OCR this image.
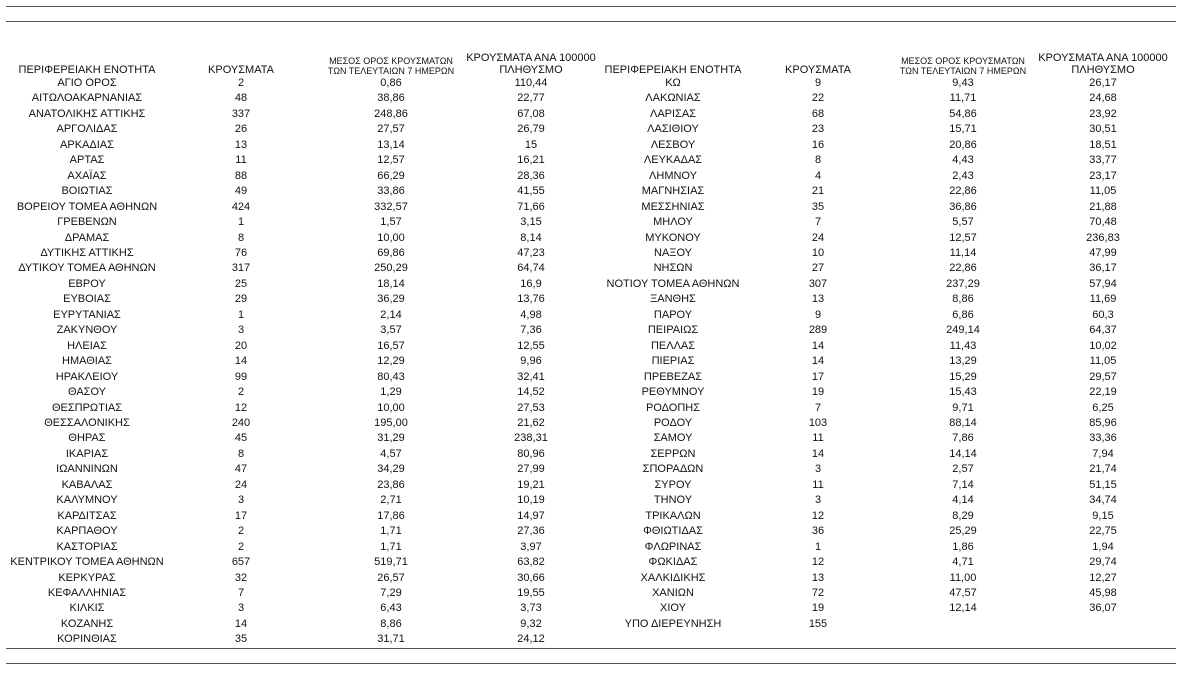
ΠΕΡΙΦΕΡΕΙΑΚΗ ΕΝΟΤΗΤΑ	ΚΡΟΥΣΜΑΤΑ	ΜΕΣΟΣ ΟΡΟΣ ΚΡΟΥΣΜΑΤΩΝ
ΤΩΝ ΤΕΛΕΥΤΑΙΩΝ 7 ΗΜΕΡΩΝ	ΚΡΟΥΣΜΑΤΑ ΑΝΑ 100000
ΠΛΗΘΥΣΜΟ
ΑΓΙΟ ΟΡΟΣ	2	0,86	110,44
ΑΙΤΩΛΟΑΚΑΡΝΑΝΙΑΣ	48	38,86	22,77
ΑΝΑΤΟΛΙΚΗΣ ΑΤΤΙΚΗΣ	337	248,86	67,08
ΑΡΓΟΛΙΔΑΣ	26	27,57	26,79
ΑΡΚΑΔΙΑΣ	13	13,14	15
ΑΡΤΑΣ	11	12,57	16,21
ΑΧΑΪΑΣ	88	66,29	28,36
ΒΟΙΩΤΙΑΣ	49	33,86	41,55
ΒΟΡΕΙΟΥ ΤΟΜΕΑ ΑΘΗΝΩΝ	424	332,57	71,66
ΓΡΕΒΕΝΩΝ	1	1,57	3,15
ΔΡΑΜΑΣ	8	10,00	8,14
ΔΥΤΙΚΗΣ ΑΤΤΙΚΗΣ	76	69,86	47,23
ΔΥΤΙΚΟΥ ΤΟΜΕΑ ΑΘΗΝΩΝ	317	250,29	64,74
ΕΒΡΟΥ	25	18,14	16,9
ΕΥΒΟΙΑΣ	29	36,29	13,76
ΕΥΡΥΤΑΝΙΑΣ	1	2,14	4,98
ΖΑΚΥΝΘΟΥ	3	3,57	7,36
ΗΛΕΙΑΣ	20	16,57	12,55
ΗΜΑΘΙΑΣ	14	12,29	9,96
ΗΡΑΚΛΕΙΟΥ	99	80,43	32,41
ΘΑΣΟΥ	2	1,29	14,52
ΘΕΣΠΡΩΤΙΑΣ	12	10,00	27,53
ΘΕΣΣΑΛΟΝΙΚΗΣ	240	195,00	21,62
ΘΗΡΑΣ	45	31,29	238,31
ΙΚΑΡΙΑΣ	8	4,57	80,96
ΙΩΑΝΝΙΝΩΝ	47	34,29	27,99
ΚΑΒΑΛΑΣ	24	23,86	19,21
ΚΑΛΥΜΝΟΥ	3	2,71	10,19
ΚΑΡΔΙΤΣΑΣ	17	17,86	14,97
ΚΑΡΠΑΘΟΥ	2	1,71	27,36
ΚΑΣΤΟΡΙΑΣ	2	1,71	3,97
ΚΕΝΤΡΙΚΟΥ ΤΟΜΕΑ ΑΘΗΝΩΝ	657	519,71	63,82
ΚΕΡΚΥΡΑΣ	32	26,57	30,66
ΚΕΦΑΛΛΗΝΙΑΣ	7	7,29	19,55
ΚΙΛΚΙΣ	3	6,43	3,73
ΚΟΖΑΝΗΣ	14	8,86	9,32
ΚΟΡΙΝΘΙΑΣ	35	31,71	24,12
ΠΕΡΙΦΕΡΕΙΑΚΗ ΕΝΟΤΗΤΑ	ΚΡΟΥΣΜΑΤΑ	ΜΕΣΟΣ ΟΡΟΣ ΚΡΟΥΣΜΑΤΩΝ
ΤΩΝ ΤΕΛΕΥΤΑΙΩΝ 7 ΗΜΕΡΩΝ	ΚΡΟΥΣΜΑΤΑ ΑΝΑ 100000
ΠΛΗΘΥΣΜΟ
ΚΩ	9	9,43	26,17
ΛΑΚΩΝΙΑΣ	22	11,71	24,68
ΛΑΡΙΣΑΣ	68	54,86	23,92
ΛΑΣΙΘΙΟΥ	23	15,71	30,51
ΛΕΣΒΟΥ	16	20,86	18,51
ΛΕΥΚΑΔΑΣ	8	4,43	33,77
ΛΗΜΝΟΥ	4	2,43	23,17
ΜΑΓΝΗΣΙΑΣ	21	22,86	11,05
ΜΕΣΣΗΝΙΑΣ	35	36,86	21,88
ΜΗΛΟΥ	7	5,57	70,48
ΜΥΚΟΝΟΥ	24	12,57	236,83
ΝΑΞΟΥ	10	11,14	47,99
ΝΗΣΩΝ	27	22,86	36,17
ΝΟΤΙΟΥ ΤΟΜΕΑ ΑΘΗΝΩΝ	307	237,29	57,94
ΞΑΝΘΗΣ	13	8,86	11,69
ΠΑΡΟΥ	9	6,86	60,3
ΠΕΙΡΑΙΩΣ	289	249,14	64,37
ΠΕΛΛΑΣ	14	11,43	10,02
ΠΙΕΡΙΑΣ	14	13,29	11,05
ΠΡΕΒΕΖΑΣ	17	15,29	29,57
ΡΕΘΥΜΝΟΥ	19	15,43	22,19
ΡΟΔΟΠΗΣ	7	9,71	6,25
ΡΟΔΟΥ	103	88,14	85,96
ΣΑΜΟΥ	11	7,86	33,36
ΣΕΡΡΩΝ	14	14,14	7,94
ΣΠΟΡΑΔΩΝ	3	2,57	21,74
ΣΥΡΟΥ	11	7,14	51,15
ΤΗΝΟΥ	3	4,14	34,74
ΤΡΙΚΑΛΩΝ	12	8,29	9,15
ΦΘΙΩΤΙΔΑΣ	36	25,29	22,75
ΦΛΩΡΙΝΑΣ	1	1,86	1,94
ΦΩΚΙΔΑΣ	12	4,71	29,74
ΧΑΛΚΙΔΙΚΗΣ	13	11,00	12,27
ΧΑΝΙΩΝ	72	47,57	45,98
ΧΙΟΥ	19	12,14	36,07
ΥΠΟ ΔΙΕΡΕΥΝΗΣΗ	155		
